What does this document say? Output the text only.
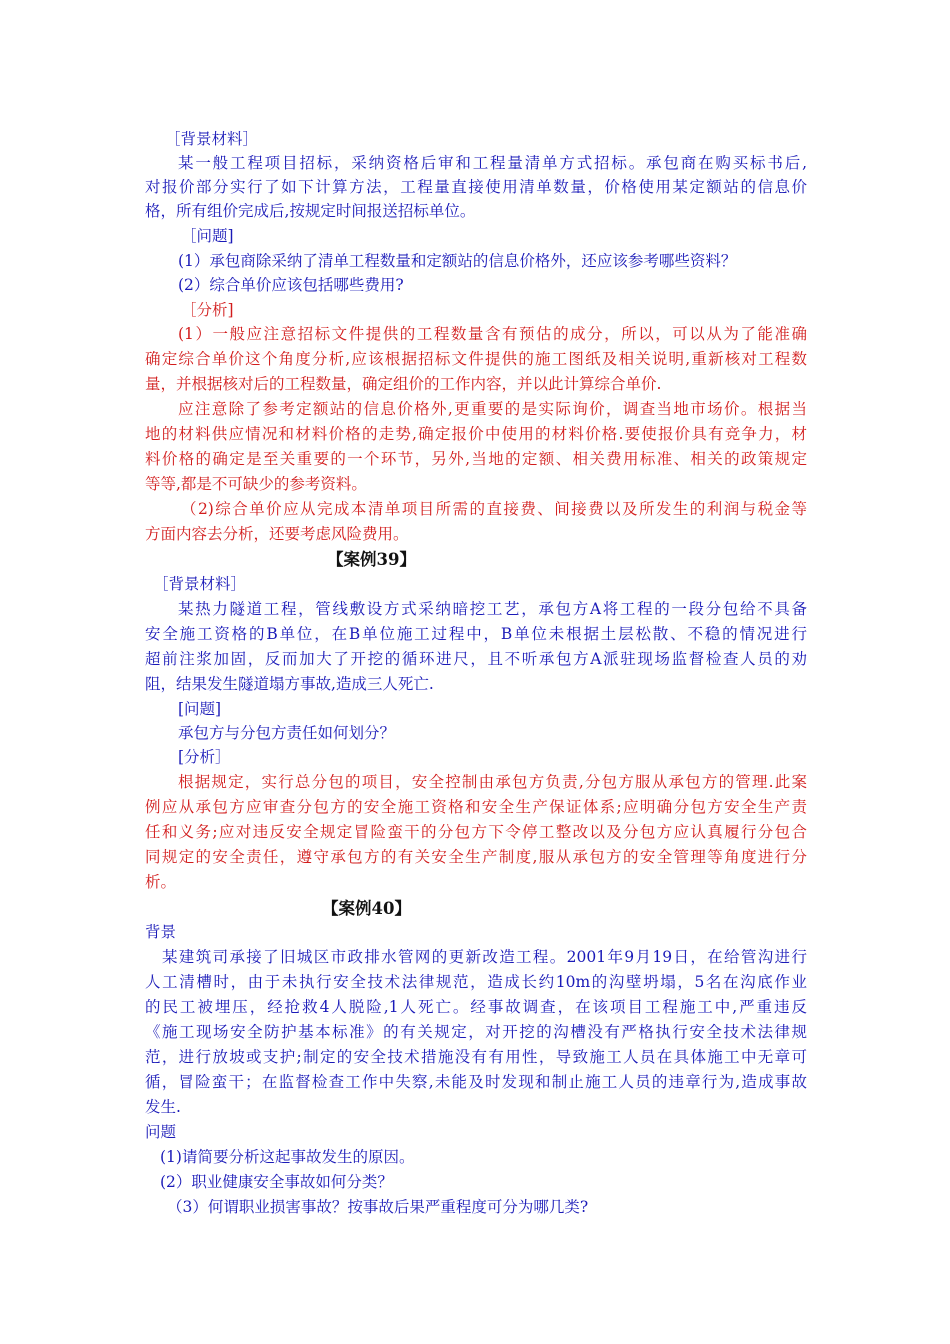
［背景材料］
某一般工程项目招标，采纳资格后审和工程量清单方式招标。承包商在购买标书后,
对报价部分实行了如下计算方法，工程量直接使用清单数量，价格使用某定额站的信息价
格，所有组价完成后,按规定时间报送招标单位。
［问题]
(1）承包商除采纳了清单工程数量和定额站的信息价格外，还应该参考哪些资料？
(2）综合单价应该包括哪些费用?
［分析]
(1）一般应注意招标文件提供的工程数量含有预估的成分，所以，可以从为了能准确
确定综合单价这个角度分析,应该根据招标文件提供的施工图纸及相关说明,重新核对工程数
量，并根据核对后的工程数量，确定组价的工作内容，并以此计算综合单价.
应注意除了参考定额站的信息价格外,更重要的是实际询价，调查当地市场价。根据当
地的材料供应情况和材料价格的走势,确定报价中使用的材料价格.要使报价具有竞争力，材
料价格的确定是至关重要的一个环节，另外,当地的定额、相关费用标准、相关的政策规定
等等,都是不可缺少的参考资料。
（2)综合单价应从完成本清单项目所需的直接费、间接费以及所发生的利润与税金等
方面内容去分析，还要考虑风险费用。
【案例39】
［背景材料］
某热力隧道工程，管线敷设方式采纳暗挖工艺，承包方A将工程的一段分包给不具备
安全施工资格的B单位，在B单位施工过程中，B单位未根据土层松散、不稳的情况进行
超前注浆加固，反而加大了开挖的循环进尺，且不听承包方A派驻现场监督检查人员的劝
阻，结果发生隧道塌方事故,造成三人死亡.
[问题]
承包方与分包方责任如何划分？
[分析］
根据规定，实行总分包的项目，安全控制由承包方负责,分包方服从承包方的管理.此案
例应从承包方应审查分包方的安全施工资格和安全生产保证体系;应明确分包方安全生产责
任和义务;应对违反安全规定冒险蛮干的分包方下令停工整改以及分包方应认真履行分包合
同规定的安全责任，遵守承包方的有关安全生产制度,服从承包方的安全管理等角度进行分
析。
【案例40】
背景
某建筑司承接了旧城区市政排水管网的更新改造工程。2001年9月19日，在给管沟进行
人工清槽时，由于未执行安全技术法律规范，造成长约10m的沟壁坍塌，5名在沟底作业
的民工被埋压，经抢救4人脱险,1人死亡。经事故调查，在该项目工程施工中,严重违反
《施工现场安全防护基本标准》的有关规定，对开挖的沟槽没有严格执行安全技术法律规
范，进行放坡或支护;制定的安全技术措施没有有用性，导致施工人员在具体施工中无章可
循，冒险蛮干；在监督检查工作中失察,未能及时发现和制止施工人员的违章行为,造成事故
发生.
问题
(1)请简要分析这起事故发生的原因。
(2）职业健康安全事故如何分类？
（3）何谓职业损害事故？按事故后果严重程度可分为哪几类?
